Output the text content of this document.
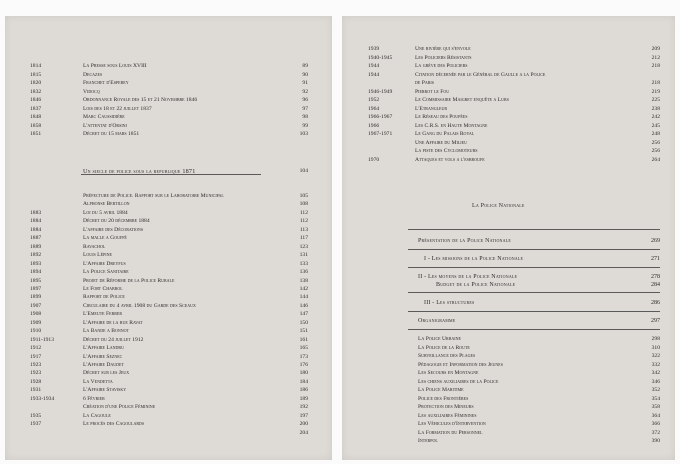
1814	La Presse sous Louis XVIII	89
1815	Decazes	90
1820	Franchet d'Esperey	91
1832	Vidocq	92
1846	Ordonnance Royale des 15 et 21 Novembre 1846	96
1837	Lois des 18 et 22 juillet 1837	97
1848	Marc Caussidière	98
1858	L'attentat d'Orsini	99
1851	Décret du 15 mars 1851	103
Un siecle de police sous la republique 1871	104
Préfecture de Police. Rapport sur le Laboratoire Municipal	105
Alphonse Bertillon	108
1883	Loi du 5 avril 1884	112
1884	Décret du 20 décembre 1884	112
1884	L'affaire des Décorations	113
1887	La malle a Gouffé	117
1889	Ravachol	123
1892	Louis Lépine	131
1893	L'Affaire Dreyfus	133
1894	La Police Sanitaire	136
1895	Projet de Réforme de la Police Rurale	138
1897	Le Fort Chabrol	142
1899	Rapport de Police	144
1907	Circulaire du 4 avril 1908 du Garde des Sceaux	146
1908	L'Emeute Ferrer	147
1909	L'Affaire de la rue Ravat	150
1910	La Bande a Bonnot	151
1911-1913	Décret du 24 juillet 1912	161
1912	L'Affaire Landru	165
1917	L'Affaire Seznec	173
1923	L'Affaire Daudet	176
1923	Décret sur les Jeux	180
1928	La Vendetta	184
1931	L'Affaire Stavisky	186
1933-1934	6 Février	189
Création d'une Police Féminine	192
1935	La Cagoule	197
1937	Le procès des Cagoulards	200
204
1939	Une rivière qui s'envole	209
1940-1945	Les Policiers Résistants	212
1944	La grève des Policiers	218
1944	Citation décernée par le Général de Gaulle a la Police
de Paris	218
1946-1949	Pierrot le Fou	219
1952	Le Commissaire Maigret enquête a Lurs	225
1964	L'Etrangleur	238
1966-1967	Le Réseau des Poupées	242
1966	Les C.R.S. en Haute Montagne	245
1967-1971	Le Gang du Palais Royal	248
Une Affaire du Milieu	256
La piste des Cyclomoteurs	256
1970	Attaques et vols a l'esbroufe	264
La Police Nationale
Présentation de la Police Nationale	269
I - Les missions de la Police Nationale	271
II - Les moyens de la Police Nationale	278
Budget de la Police Nationale	284
III - Les structures	286
Organigramme	297
La Police Urbaine	298
La Police de la Route	310
Surveillance des Plages	322
Pédagogie et Information des Jeunes	332
Les Secours en Montagne	342
Les chiens auxiliaires de la Police	346
La Police Maritime	352
Police des Frontières	354
Protection des Mineurs	358
Les auxiliaires Féminines	364
Les Véhicules d'Intervention	366
La Formation du Personnel	372
Interpol	390
